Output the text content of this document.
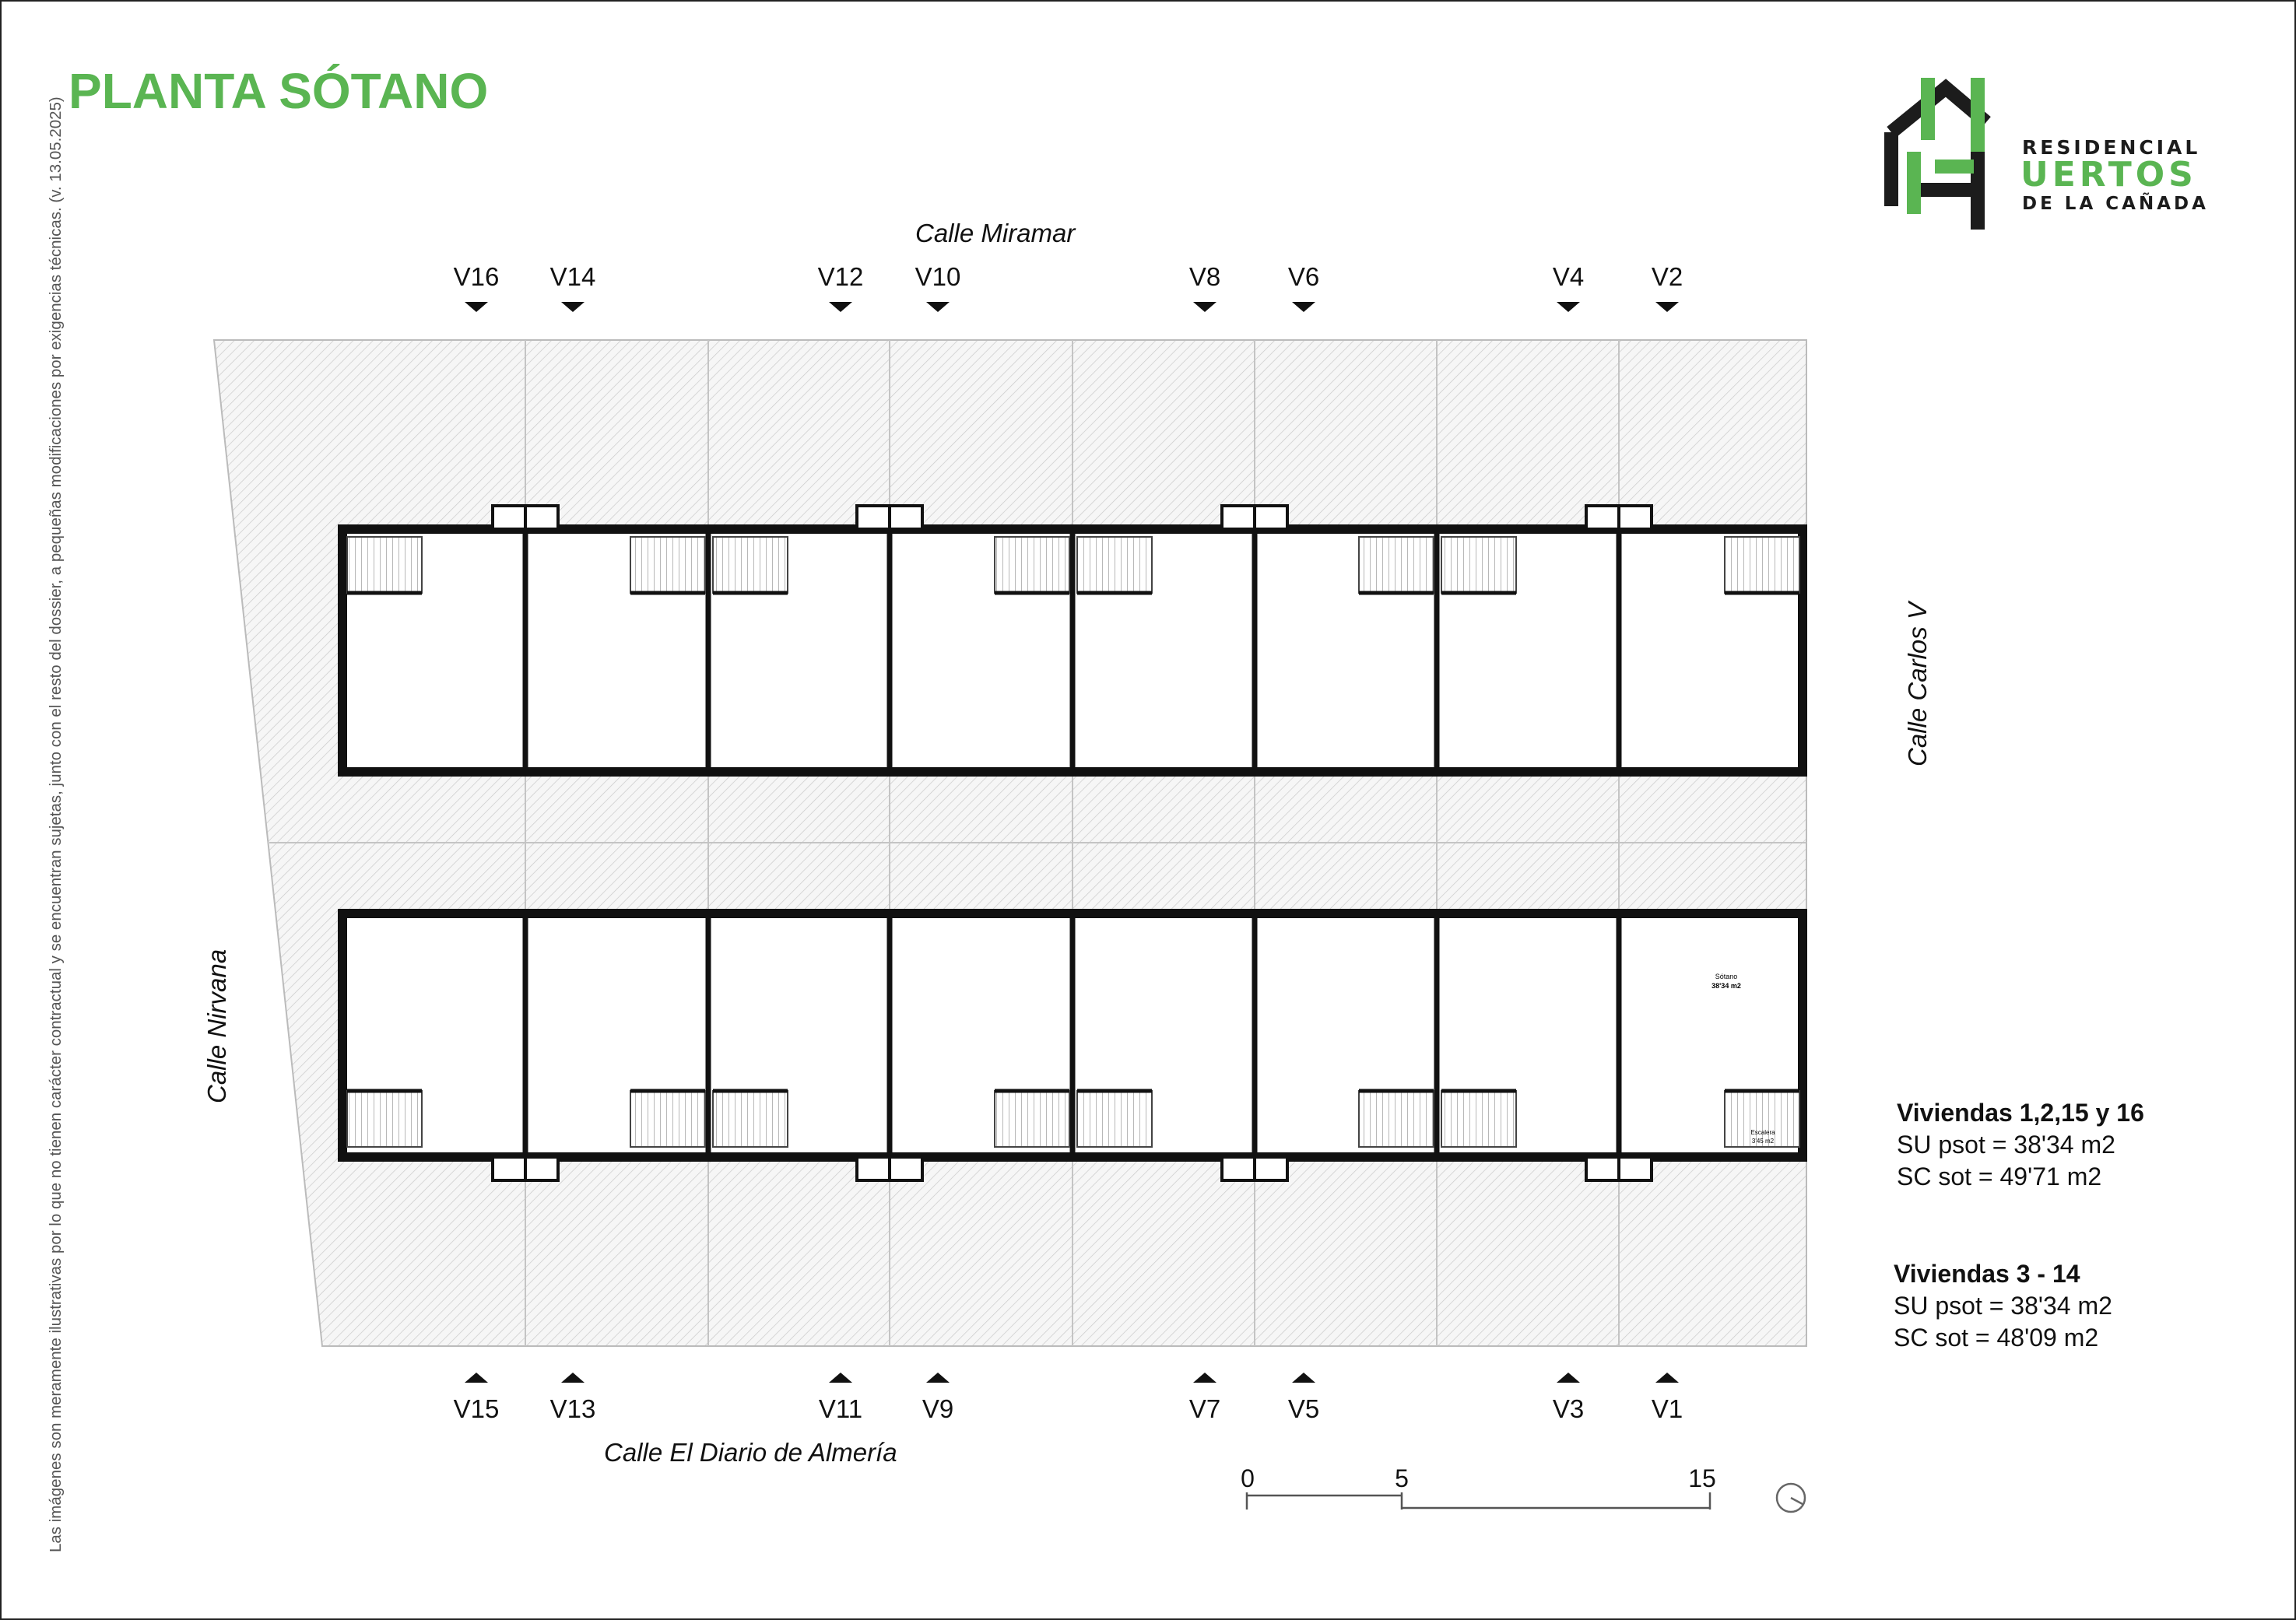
Sótano
38'34 m2
Escalera
3'45 m2
PLANTA SÓTANO
Las imágenes son meramente ilustrativas por lo que no tienen carácter contractual y se encuentran sujetas, junto con el resto del dossier, a pequeñas modificaciones por exigencias técnicas. (v. 13.05.2025)	RESIDENCIAL
UERTOS
DE LA CAÑADA
Calle Miramar
Calle El Diario de Almería
Calle Carlos V
Calle Nirvana
V16 V14	V12 V10	V8	V6	V4	V2
V15 V13	V11 V9	V7	V5	V3	V1
Viviendas 1,2,15 y 16
SU psot = 38'34 m2
SC sot = 49'71 m2
Viviendas 3 - 14
SU psot = 38'34 m2
SC sot = 48'09 m2
0	5	15
